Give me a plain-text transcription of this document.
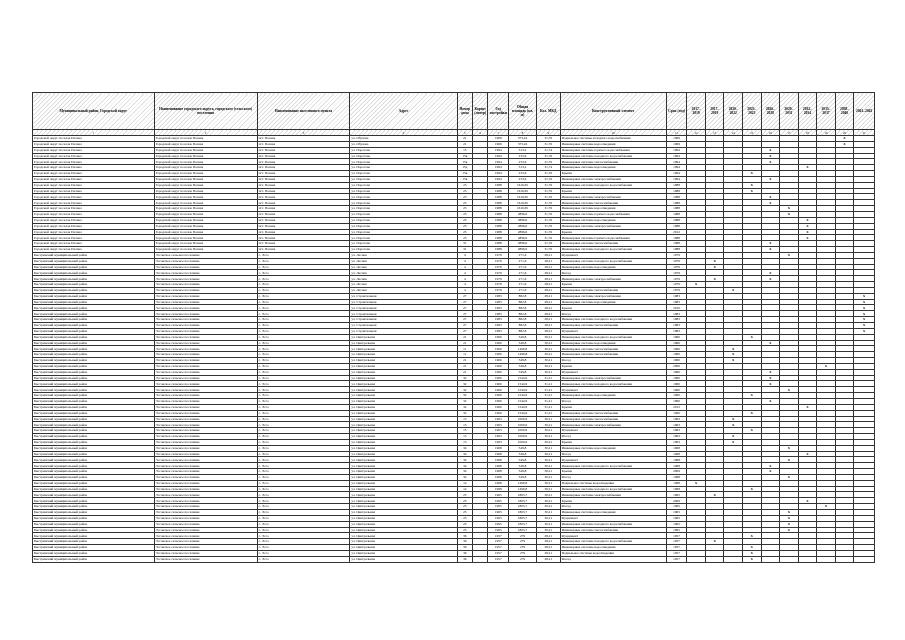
Муниципальный район, Городской округ	Наименование городского округа, городского (сельского) поселения	Наименование населенного пункта	Адрес	Номер дома	Корпус (литер)	Год постройки	Общая площадь (кв. м)	Кол. МКД	Конструктивный элемент	Срок (год)	2017–2019	2017–2019	2020–2022	2023–2025	2026–2028	2029–2031	2032–2034	2035–2037	2038–2040	2041–2043
1	2	3	4	5	6	7	8	9	10	11	12	13	14	15	16	17	18	19	20	21
Городской округ поселок Палана	Городской округ поселок Палана	пгт. Палана	ул. Обухова	21		1969	373,24	31,76	Подвальное системы холодного водоснабжения	1969									X	
Городской округ поселок Палана	Городской округ поселок Палана	пгт. Палана	ул. Обухова	21		1969	373,24	31,76	Инженерные системы водоотведения	1969									X	
Городской округ поселок Палана	Городской округ поселок Палана	пгт. Палана	ул. Поротова	15		1994	313,2	31,74	Инженерные системы горячего водоснабжения	1994					X					
Городской округ поселок Палана	Городской округ поселок Палана	пгт. Палана	ул. Поротова	15в		1994	233,6	31,76	Инженерные системы холодного водоснабжения	1994					X					
Городской округ поселок Палана	Городской округ поселок Палана	пгт. Палана	ул. Поротова	15в		1994	233,6	31,76	Инженерные системы теплоснабжения	1994					X					
Городской округ поселок Палана	Городской округ поселок Палана	пгт. Палана	ул. Поротова	15д		1994	313,2	31,74	Инженерные системы водоотведения	1994							X			
Городской округ поселок Палана	Городской округ поселок Палана	пгт. Палана	ул. Поротова	15в		1994	233,6	31,76	Крыша	1994				X						
Городской округ поселок Палана	Городской округ поселок Палана	пгт. Палана	ул. Поротова	15в		1994	233,6	31,76	Инженерные системы электроснабжения	1994					X					
Городской округ поселок Палана	Городской округ поселок Палана	пгт. Палана	ул. Поротова	23		1988	1616,65	31,76	Инженерные системы холодного водоснабжения	1988				X						
Городской округ поселок Палана	Городской округ поселок Палана	пгт. Палана	ул. Поротова	23		1988	1616,65	31,76	Крыша	1988				X						
Городской округ поселок Палана	Городской округ поселок Палана	пгт. Палана	ул. Поротова	23		1988	1616,65	31,76	Инженерные системы электроснабжения	1988					X					
Городской округ поселок Палана	Городской округ поселок Палана	пгт. Палана	ул. Поротова	23		1988	1616,65	31,76	Инженерные системы теплоснабжения	1988					X					
Городской округ поселок Палана	Городской округ поселок Палана	пгт. Палана	ул. Поротова	23		1988	1616,65	31,76	Инженерные системы водоотведения	1988						X				
Городской округ поселок Палана	Городской округ поселок Палана	пгт. Палана	ул. Поротова	25		1988	2896,6	31,76	Инженерные системы горячего водоснабжения	1988						X				
Городской округ поселок Палана	Городской округ поселок Палана	пгт. Палана	ул. Поротова	25		1988	2896,6	31,76	Инженерные системы водоотведения	1988							X			
Городской округ поселок Палана	Городской округ поселок Палана	пгт. Палана	ул. Поротова	25		1988	2896,6	31,76	Инженерные системы электроснабжения	1988							X			
Городской округ поселок Палана	Городской округ поселок Палана	пгт. Палана	ул. Поротова	25		1988	2896,6	31,76	Крыша	2012							X			
Городской округ поселок Палана	Городской округ поселок Палана	пгт. Палана	ул. Поротова	25		1988	2896,6	31,76	Инженерные системы горячего водоснабжения	1988							X			
Городской округ поселок Палана	Городской округ поселок Палана	пгт. Палана	ул. Поротова	31		1988	2896,6	31,76	Инженерные системы теплоснабжения	1988					X					
Городской округ поселок Палана	Городской округ поселок Палана	пгт. Палана	ул. Поротова	31		1988	2896,6	31,76	Инженерные системы холодного водоснабжения	1988					X					
Быстринский муниципальный район	Эссовское сельское поселение	с. Эссо	ул. Лесная	4		1979	271,6	28,21	Фундамент	1979						X				
Быстринский муниципальный район	Эссовское сельское поселение	с. Эссо	ул. Лесная	4		1979	271,6	28,21	Инженерные системы холодного водоснабжения	1979		X								
Быстринский муниципальный район	Эссовское сельское поселение	с. Эссо	ул. Лесная	4		1979	271,6	28,21	Инженерные системы водоотведения	1979		X								
Быстринский муниципальный район	Эссовское сельское поселение	с. Эссо	ул. Лесная	4		1979	271,6	28,21	Фасад	1979					X					
Быстринский муниципальный район	Эссовское сельское поселение	с. Эссо	ул. Лесная	4		1979	271,6	28,21	Инженерные системы электроснабжения	1979		X			X					
Быстринский муниципальный район	Эссовское сельское поселение	с. Эссо	ул. Лесная	4		1979	271,6	28,21	Крыша	1979	X									
Быстринский муниципальный район	Эссовское сельское поселение	с. Эссо	ул. Лесная	4		1979	271,6	28,21	Инженерные системы теплоснабжения	1979			X							
Быстринский муниципальный район	Эссовское сельское поселение	с. Эссо	ул. Строительная	27		1983	882,8	28,21	Инженерные системы электроснабжения	1983										X
Быстринский муниципальный район	Эссовское сельское поселение	с. Эссо	ул. Строительная	27		1983	882,8	28,21	Инженерные системы водоотведения	1983										X
Быстринский муниципальный район	Эссовское сельское поселение	с. Эссо	ул. Строительная	27		1983	882,8	28,21	Крыша	2010										X
Быстринский муниципальный район	Эссовское сельское поселение	с. Эссо	ул. Строительная	27		1983	882,8	28,21	Фасад	1983										X
Быстринский муниципальный район	Эссовское сельское поселение	с. Эссо	ул. Строительная	27		1983	882,8	28,21	Инженерные системы холодного водоснабжения	1983										X
Быстринский муниципальный район	Эссовское сельское поселение	с. Эссо	ул. Строительная	27		1983	882,8	28,21	Инженерные системы теплоснабжения	1983										X
Быстринский муниципальный район	Эссовское сельское поселение	с. Эссо	ул. Строительная	27		1983	882,8	28,21	Фундамент	1983										X
Быстринский муниципальный район	Эссовское сельское поселение	с. Эссо	ул. Центральная	21		1960	549,8	30,21	Инженерные системы холодного водоснабжения	1960				X						
Быстринский муниципальный район	Эссовское сельское поселение	с. Эссо	ул. Центральная	21		1960	549,8	30,21	Инженерные системы водоотведения	1960					X					
Быстринский муниципальный район	Эссовское сельское поселение	с. Эссо	ул. Центральная	11		1960	1499,8	30,21	Инженерные системы теплоснабжения	1960			X							
Быстринский муниципальный район	Эссовское сельское поселение	с. Эссо	ул. Центральная	11		1960	1499,8	30,21	Инженерные системы теплоснабжения	1960			X							
Быстринский муниципальный район	Эссовское сельское поселение	с. Эссо	ул. Центральная	21		1960	549,8	30,21	Фасад	1960			X							
Быстринский муниципальный район	Эссовское сельское поселение	с. Эссо	ул. Центральная	21		1960	549,8	30,21	Крыша	2006								X		
Быстринский муниципальный район	Эссовское сельское поселение	с. Эссо	ул. Центральная	21		1960	549,8	30,21	Фундамент	1960					X					
Быстринский муниципальный район	Эссовское сельское поселение	с. Эссо	ул. Центральная	32		1960	1544,9	31,21	Инженерные системы электроснабжения	1960					X					
Быстринский муниципальный район	Эссовское сельское поселение	с. Эссо	ул. Центральная	32		1960	1544,9	31,21	Инженерные системы холодного водоснабжения	1960					X					
Быстринский муниципальный район	Эссовское сельское поселение	с. Эссо	ул. Центральная	32		1960	1544,9	31,21	Фундамент	1960						X				
Быстринский муниципальный район	Эссовское сельское поселение	с. Эссо	ул. Центральная	32		1960	1544,9	31,21	Инженерные системы водоотведения	1960				X						
Быстринский муниципальный район	Эссовское сельское поселение	с. Эссо	ул. Центральная	32		1960	1544,9	31,21	Фасад	1960					X					
Быстринский муниципальный район	Эссовское сельское поселение	с. Эссо	ул. Центральная	32		1960	1544,9	31,21	Крыша	2012							X			
Быстринский муниципальный район	Эссовское сельское поселение	с. Эссо	ул. Центральная	32		1960	1544,9	31,21	Инженерные системы теплоснабжения	1960				X						
Быстринский муниципальный район	Эссовское сельское поселение	с. Эссо	ул. Центральная	15		1963	1000,6	30,21	Инженерные системы теплоснабжения	1963			X							
Быстринский муниципальный район	Эссовское сельское поселение	с. Эссо	ул. Центральная	15		1963	1000,6	30,21	Инженерные системы электроснабжения	1963			X							
Быстринский муниципальный район	Эссовское сельское поселение	с. Эссо	ул. Центральная	15		1963	1000,6	30,21	Фундамент	1963				X						
Быстринский муниципальный район	Эссовское сельское поселение	с. Эссо	ул. Центральная	15		1963	1000,6	30,21	Фасад	1963			X							
Быстринский муниципальный район	Эссовское сельское поселение	с. Эссо	ул. Центральная	15		1963	1000,6	30,21	Крыша	1963			X							
Быстринский муниципальный район	Эссовское сельское поселение	с. Эссо	ул. Центральная	34		1968	549,8	30,21	Инженерные системы водоотведения	1968						X				
Быстринский муниципальный район	Эссовское сельское поселение	с. Эссо	ул. Центральная	34		1968	549,8	30,21	Фасад	1968							X			
Быстринский муниципальный район	Эссовское сельское поселение	с. Эссо	ул. Центральная	34		1968	549,8	30,21	Фундамент	1968						X				
Быстринский муниципальный район	Эссовское сельское поселение	с. Эссо	ул. Центральная	34		1968	549,8	30,21	Инженерные системы холодного водоснабжения	1968					X					
Быстринский муниципальный район	Эссовское сельское поселение	с. Эссо	ул. Центральная	34		1968	549,8	30,21	Крыша	2009					X					
Быстринский муниципальный район	Эссовское сельское поселение	с. Эссо	ул. Центральная	34		1968	549,8	30,21	Фасад	1968						X				
Быстринский муниципальный район	Эссовское сельское поселение	с. Эссо	ул. Центральная	14		1968	1499,8	30,21	Подвальное системы водоотведения	1968	X									
Быстринский муниципальный район	Эссовское сельское поселение	с. Эссо	ул. Центральная	14		1968	1499,8	30,21	Инженерные системы холодного водоснабжения	1968				X						
Быстринский муниципальный район	Эссовское сельское поселение	с. Эссо	ул. Центральная	25		1965	1863,7	30,21	Инженерные системы электроснабжения	1965		X								
Быстринский муниципальный район	Эссовское сельское поселение	с. Эссо	ул. Центральная	25		1965	1863,7	30,21	Крыша	2009							X			
Быстринский муниципальный район	Эссовское сельское поселение	с. Эссо	ул. Центральная	25		1965	1863,7	30,21	Фасад	1965								X		
Быстринский муниципальный район	Эссовское сельское поселение	с. Эссо	ул. Центральная	25		1965	1863,7	30,21	Инженерные системы водоотведения	1965						X				
Быстринский муниципальный район	Эссовское сельское поселение	с. Эссо	ул. Центральная	25		1965	1863,7	30,21	Фундамент	1965						X				
Быстринский муниципальный район	Эссовское сельское поселение	с. Эссо	ул. Центральная	25		1965	1863,7	30,21	Инженерные системы холодного водоснабжения	1965						X				
Быстринский муниципальный район	Эссовское сельское поселение	с. Эссо	ул. Центральная	25		1965	1863,7	30,21	Инженерные системы теплоснабжения	1965						X				
Быстринский муниципальный район	Эссовское сельское поселение	с. Эссо	ул. Центральная	36		1957	279	28,21	Фундамент	1957				X						
Быстринский муниципальный район	Эссовское сельское поселение	с. Эссо	ул. Центральная	36		1957	279	28,21	Инженерные системы холодного водоснабжения	1957		X								
Быстринский муниципальный район	Эссовское сельское поселение	с. Эссо	ул. Центральная	36		1957	279	28,21	Инженерные системы водоотведения	1957				X						
Быстринский муниципальный район	Эссовское сельское поселение	с. Эссо	ул. Центральная	36		1957	279	28,21	Подвальное системы водоотведения	1957				X						
Быстринский муниципальный район	Эссовское сельское поселение	с. Эссо	ул. Центральная	36		1957	279	28,21	Фасад	1957				X						
